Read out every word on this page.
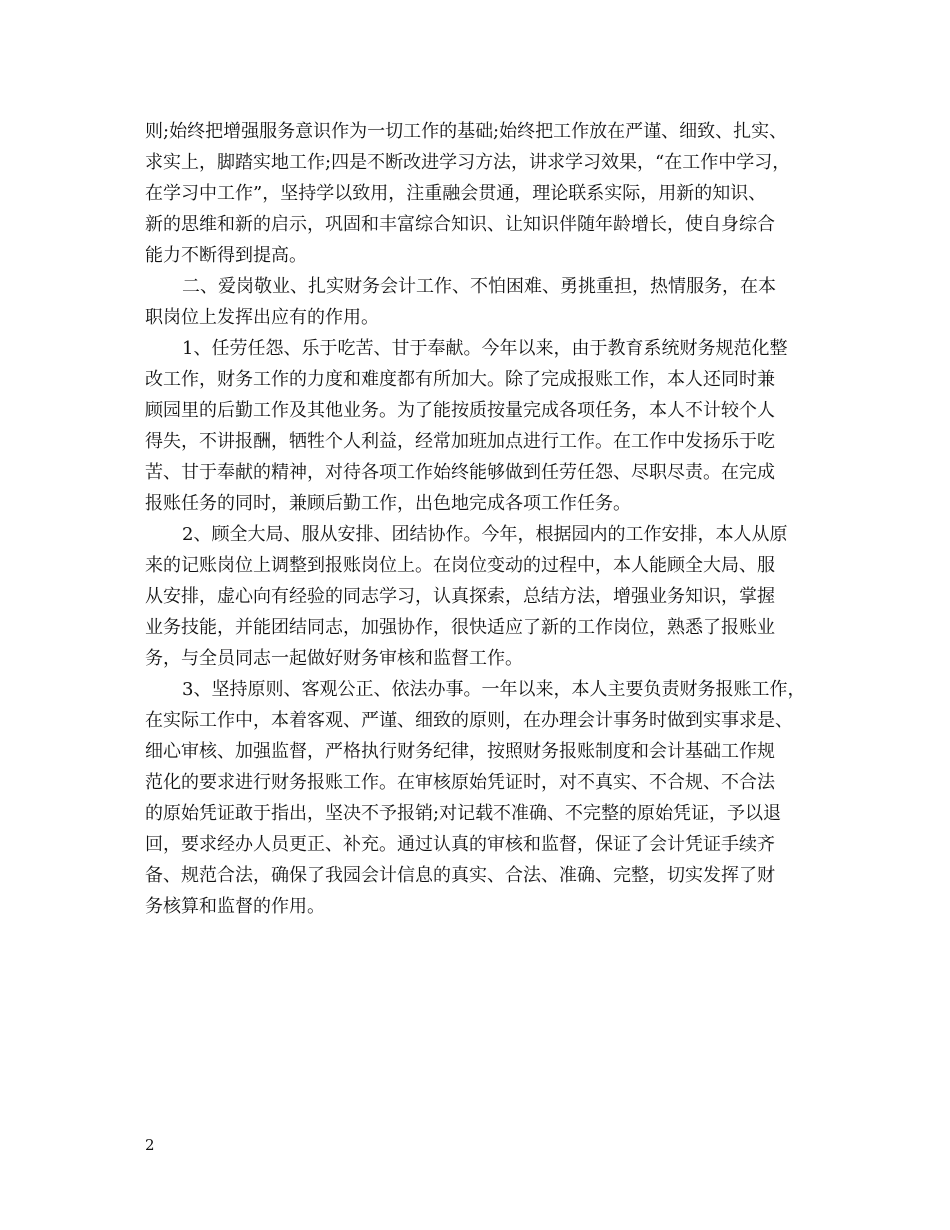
则;始终把增强服务意识作为一切工作的基础;始终把工作放在严谨、细致、扎实、

求实上，脚踏实地工作;四是不断改进学习方法，讲求学习效果，“在工作中学习，

在学习中工作”，坚持学以致用，注重融会贯通，理论联系实际，用新的知识、

新的思维和新的启示，巩固和丰富综合知识、让知识伴随年龄增长，使自身综合

能力不断得到提高。

二、爱岗敬业、扎实财务会计工作、不怕困难、勇挑重担，热情服务，在本

职岗位上发挥出应有的作用。

1、任劳任怨、乐于吃苦、甘于奉献。今年以来，由于教育系统财务规范化整

改工作，财务工作的力度和难度都有所加大。除了完成报账工作，本人还同时兼

顾园里的后勤工作及其他业务。为了能按质按量完成各项任务，本人不计较个人

得失，不讲报酬，牺牲个人利益，经常加班加点进行工作。在工作中发扬乐于吃

苦、甘于奉献的精神，对待各项工作始终能够做到任劳任怨、尽职尽责。在完成

报账任务的同时，兼顾后勤工作，出色地完成各项工作任务。

2、顾全大局、服从安排、团结协作。今年，根据园内的工作安排，本人从原

来的记账岗位上调整到报账岗位上。在岗位变动的过程中，本人能顾全大局、服

从安排，虚心向有经验的同志学习，认真探索，总结方法，增强业务知识，掌握

业务技能，并能团结同志，加强协作，很快适应了新的工作岗位，熟悉了报账业

务，与全员同志一起做好财务审核和监督工作。

3、坚持原则、客观公正、依法办事。一年以来，本人主要负责财务报账工作，

在实际工作中，本着客观、严谨、细致的原则，在办理会计事务时做到实事求是、

细心审核、加强监督，严格执行财务纪律，按照财务报账制度和会计基础工作规

范化的要求进行财务报账工作。在审核原始凭证时，对不真实、不合规、不合法

的原始凭证敢于指出，坚决不予报销;对记载不准确、不完整的原始凭证，予以退

回，要求经办人员更正、补充。通过认真的审核和监督，保证了会计凭证手续齐

备、规范合法，确保了我园会计信息的真实、合法、准确、完整，切实发挥了财

务核算和监督的作用。

2
